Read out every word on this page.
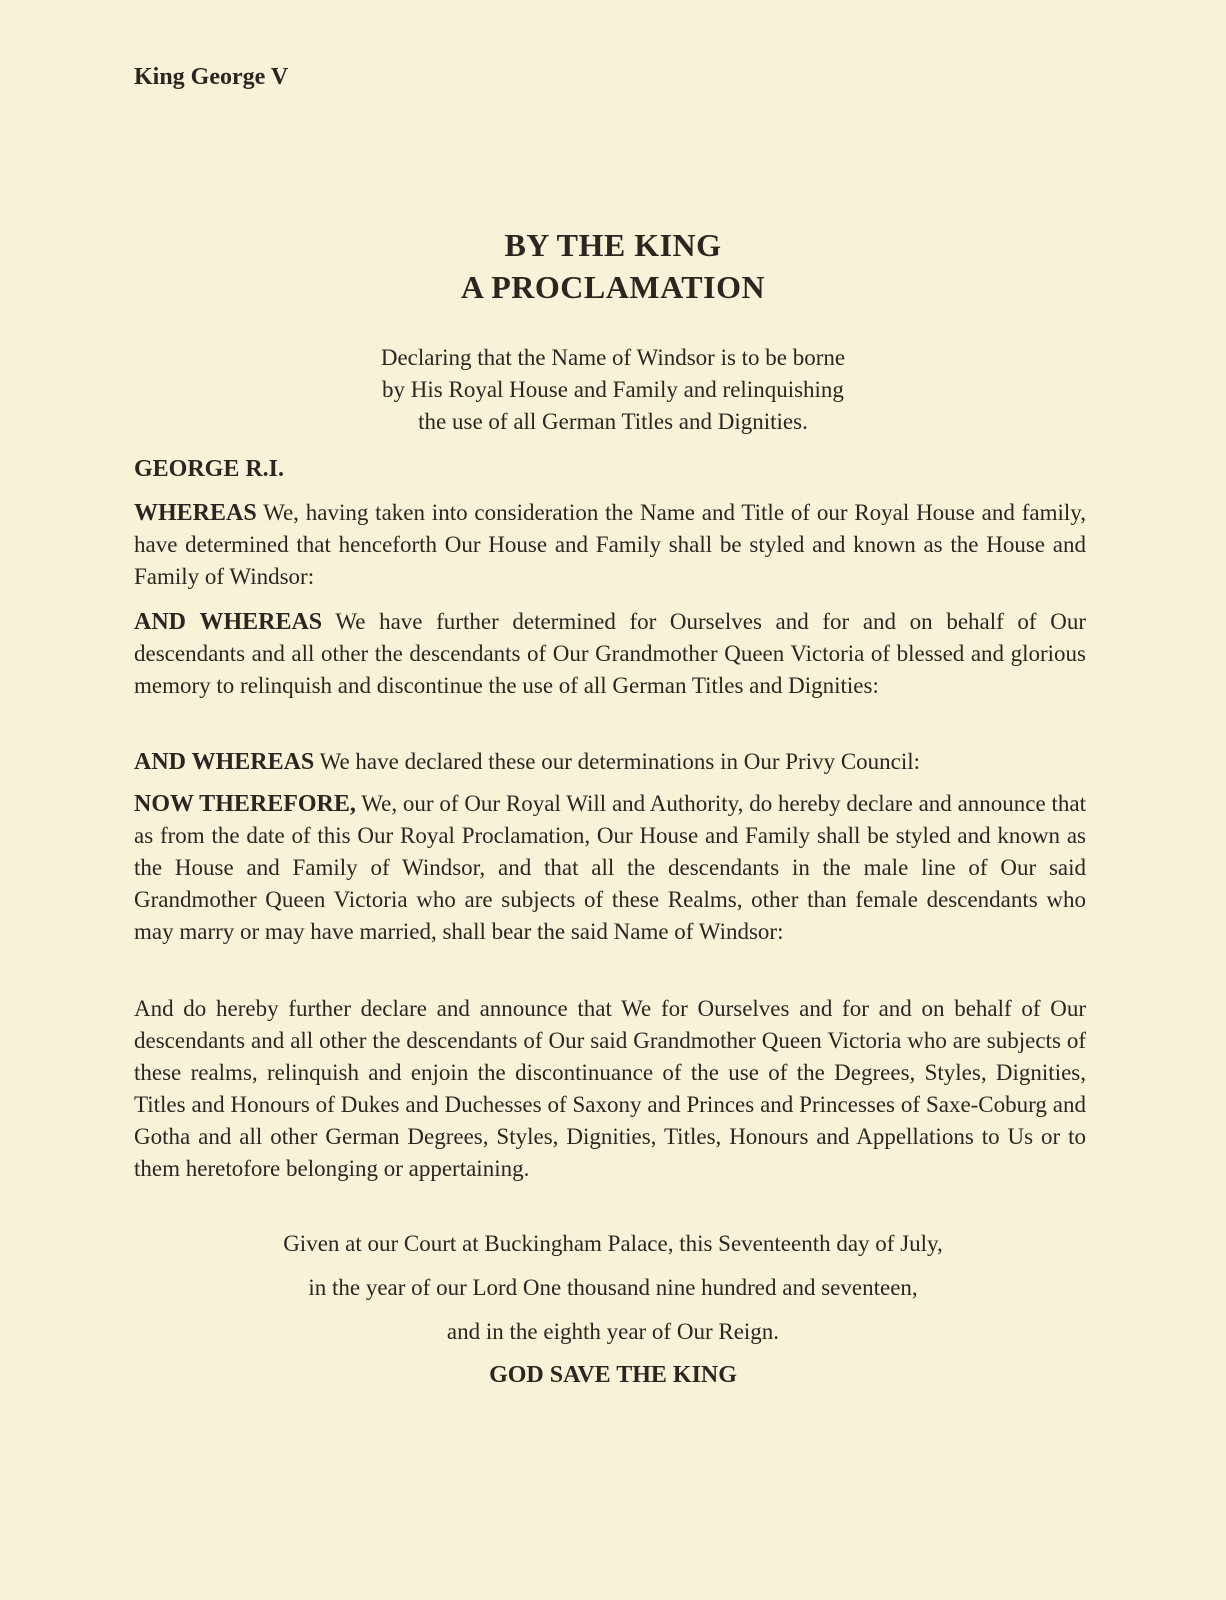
King George V

BY THE KING
A PROCLAMATION
Declaring that the Name of Windsor is to be borne
by His Royal House and Family and relinquishing
the use of all German Titles and Dignities.

GEORGE R.I.

WHEREAS We, having taken into consideration the Name and Title of our Royal House and family, have determined that henceforth Our House and Family shall be styled and known as the House and Family of Windsor:

AND WHEREAS We have further determined for Ourselves and for and on behalf of Our descendants and all other the descendants of Our Grandmother Queen Victoria of blessed and glorious memory to relinquish and discontinue the use of all German Titles and Dignities:

AND WHEREAS We have declared these our determinations in Our Privy Council:

NOW THEREFORE, We, our of Our Royal Will and Authority, do hereby declare and announce that as from the date of this Our Royal Proclamation, Our House and Family shall be styled and known as the House and Family of Windsor, and that all the descendants in the male line of Our said Grandmother Queen Victoria who are subjects of these Realms, other than female descendants who may marry or may have married, shall bear the said Name of Windsor:

And do hereby further declare and announce that We for Ourselves and for and on behalf of Our descendants and all other the descendants of Our said Grandmother Queen Victoria who are subjects of these realms, relinquish and enjoin the discontinuance of the use of the Degrees, Styles, Dignities, Titles and Honours of Dukes and Duchesses of Saxony and Princes and Princesses of Saxe-Coburg and Gotha and all other German Degrees, Styles, Dignities, Titles, Honours and Appellations to Us or to them heretofore belonging or appertaining.

Given at our Court at Buckingham Palace, this Seventeenth day of July,

in the year of our Lord One thousand nine hundred and seventeen,

and in the eighth year of Our Reign.

GOD SAVE THE KING
